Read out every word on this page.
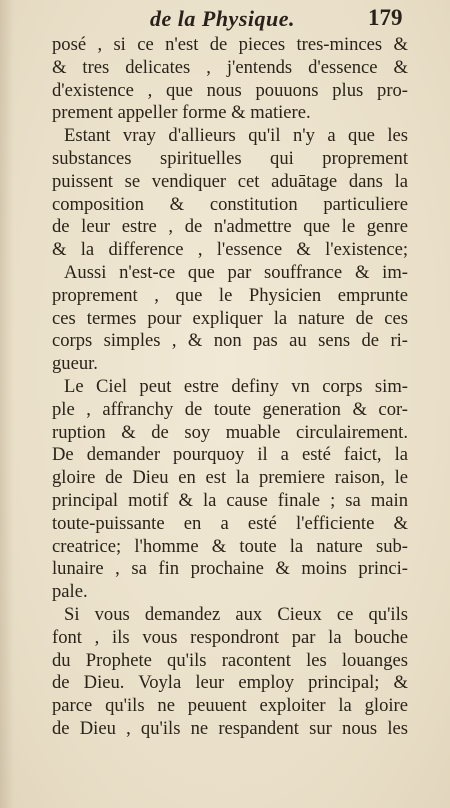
de la Physique.	179
posé , si ce n'est de pieces tres-minces &
& tres delicates , j'entends d'essence &
d'existence , que nous pouuons plus pro-
prement appeller forme & matiere.
Estant vray d'allieurs qu'il n'y a que les
substances spirituelles qui proprement
puissent se vendiquer cet aduātage dans la
composition & constitution particuliere
de leur estre , de n'admettre que le genre
& la difference , l'essence & l'existence;
Aussi n'est-ce que par souffrance & im-
proprement , que le Physicien emprunte
ces termes pour expliquer la nature de ces
corps simples , & non pas au sens de ri-
gueur.
Le Ciel peut estre definy vn corps sim-
ple , affranchy de toute generation & cor-
ruption & de soy muable circulairement.
De demander pourquoy il a esté faict, la
gloire de Dieu en est la premiere raison, le
principal motif & la cause finale ; sa main
toute-puissante en a esté l'efficiente &
creatrice; l'homme & toute la nature sub-
lunaire , sa fin prochaine & moins princi-
pale.
Si vous demandez aux Cieux ce qu'ils
font , ils vous respondront par la bouche
du Prophete qu'ils racontent les louanges
de Dieu. Voyla leur employ principal; &
parce qu'ils ne peuuent exploiter la gloire
de Dieu , qu'ils ne respandent sur nous les
